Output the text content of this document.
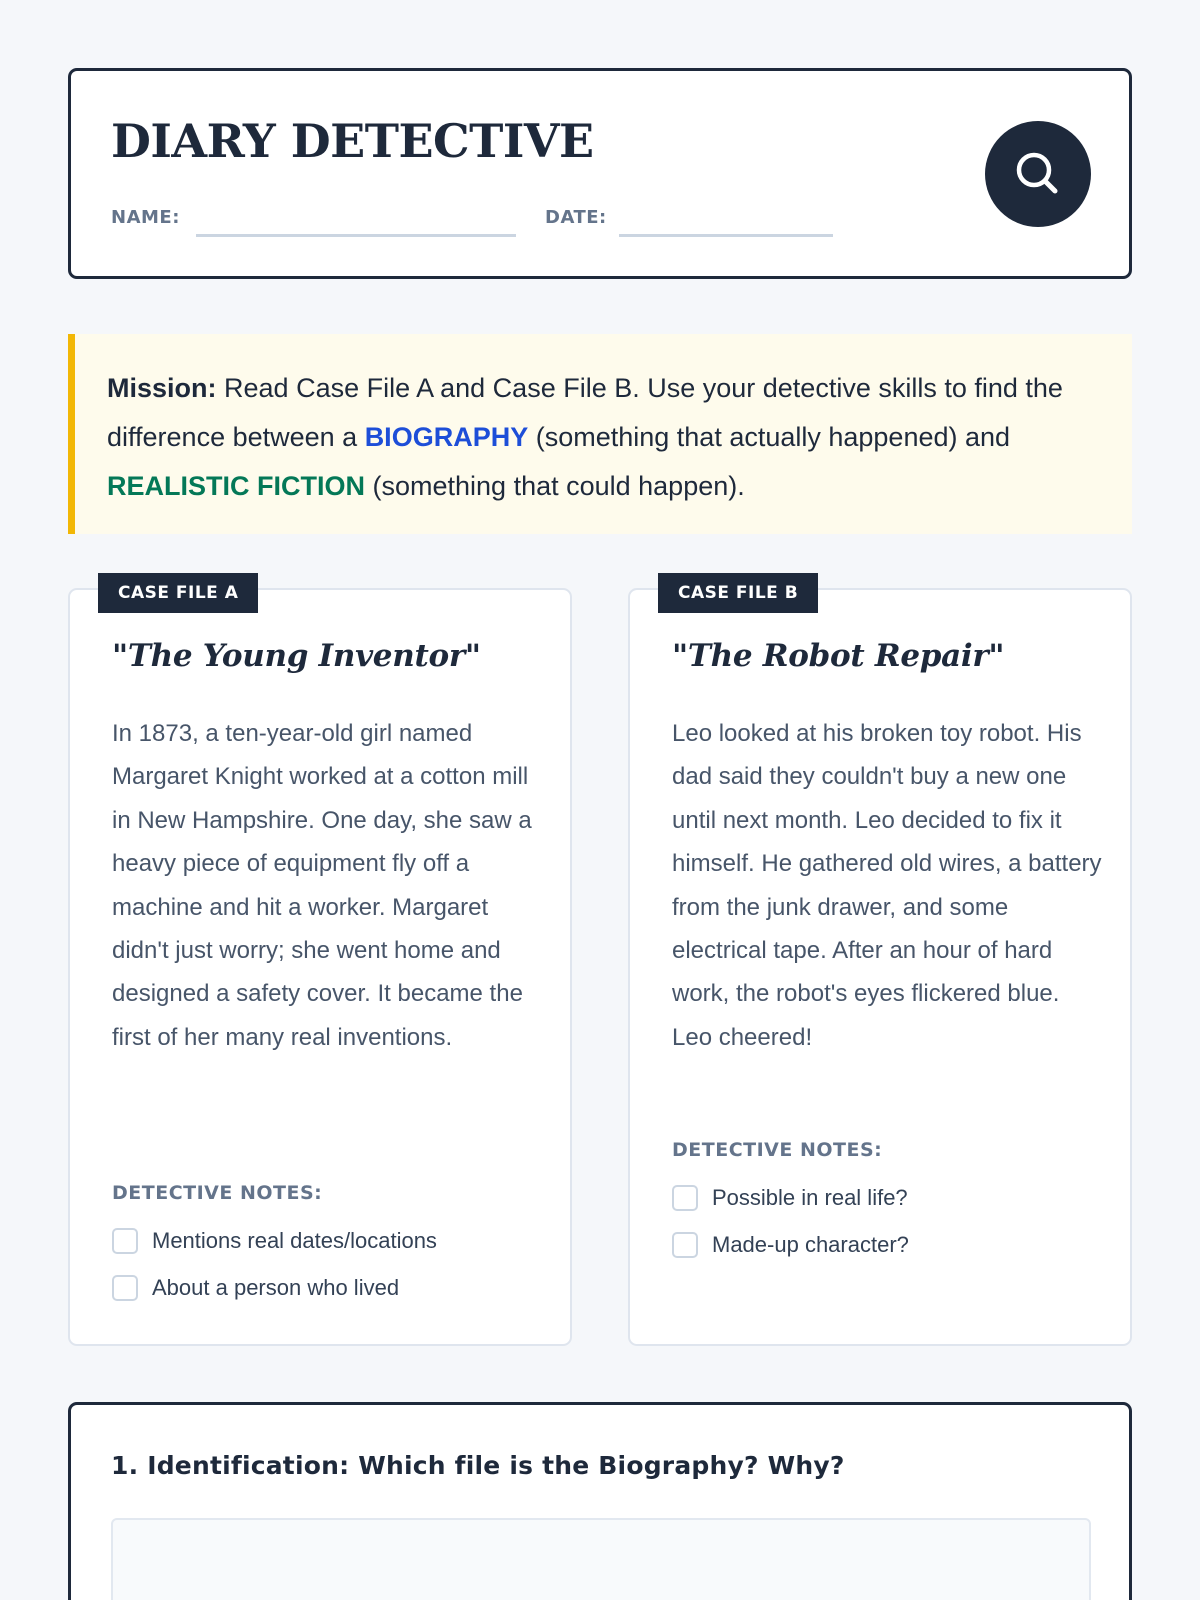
DIARY DETECTIVE
NAME:	DATE:
Mission: Read Case File A and Case File B. Use your detective skills to find the difference between a BIOGRAPHY (something that actually happened) and REALISTIC FICTION (something that could happen).
CASE FILE A
"The Young Inventor"
In 1873, a ten-year-old girl named Margaret Knight worked at a cotton mill in New Hampshire. One day, she saw a heavy piece of equipment fly off a machine and hit a worker. Margaret didn't just worry; she went home and designed a safety cover. It became the first of her many real inventions.
DETECTIVE NOTES:
Mentions real dates/locations
About a person who lived
CASE FILE B
"The Robot Repair"
Leo looked at his broken toy robot. His dad said they couldn't buy a new one until next month. Leo decided to fix it himself. He gathered old wires, a battery from the junk drawer, and some electrical tape. After an hour of hard work, the robot's eyes flickered blue. Leo cheered!
DETECTIVE NOTES:
Possible in real life?
Made-up character?
1. Identification: Which file is the Biography? Why?
